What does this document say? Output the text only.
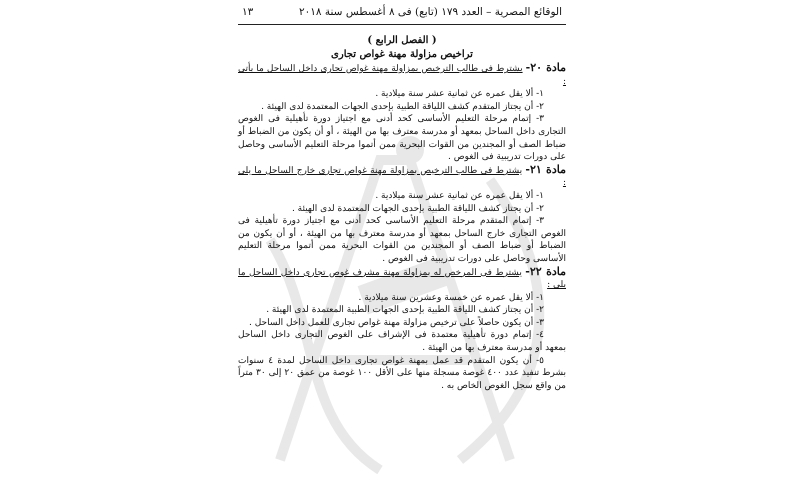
الوقائع المصرية – العدد ١٧٩ (تابع) فى ٨ أغسطس سنة ٢٠١٨
١٣
( الفصل الرابع )
تراخيص مزاولة مهنة غواص تجارى
مادة ٢٠- يشترط فى طالب الترخيص بمزاولة مهنة غواص تجارى داخل الساحل ما يأتى :
١- ألا يقل عمره عن ثمانية عشر سنة ميلادية .
٢- أن يجتاز المتقدم كشف اللياقة الطبية بإحدى الجهات المعتمدة لدى الهيئة .
٣- إتمام مرحلة التعليم الأساسى كحد أدنى مع اجتياز دورة تأهيلية فى الغوص التجارى داخل الساحل بمعهد أو مدرسة معترف بها من الهيئة ، أو أن يكون من الضباط أو ضباط الصف أو المجندين من القوات البحرية ممن أتموا مرحلة التعليم الأساسى وحاصل على دورات تدريبية فى الغوص .
مادة ٢١- يشترط فى طالب الترخيص بمزاولة مهنة غواص تجارى خارج الساحل ما يلى :
١- ألا يقل عمره عن ثمانية عشر سنة ميلادية .
٢- أن يجتاز كشف اللياقة الطبية بإحدى الجهات المعتمدة لدى الهيئة .
٣- إتمام المتقدم مرحلة التعليم الأساسى كحد أدنى مع اجتياز دورة تأهيلية فى الغوص التجارى خارج الساحل بمعهد أو مدرسة معترف بها من الهيئة ، أو أن يكون من الضباط أو ضباط الصف أو المجندين من القوات البحرية ممن أتموا مرحلة التعليم الأساسى وحاصل على دورات تدريبية فى الغوص .
مادة ٢٢- يشترط فى المرخص له بمزاولة مهنة مشرف غوص تجارى داخل الساحل ما يلى :
١- ألا يقل عمره عن خمسة وعشرين سنة ميلادية .
٢- أن يجتاز كشف اللياقة الطبية بإحدى الجهات الطبية المعتمدة لدى الهيئة .
٣- أن يكون حاصلاً على ترخيص مزاولة مهنة غواص تجارى للعمل داخل الساحل .
٤- إتمام دورة تأهيلية معتمدة فى الإشراف على الغوص التجارى داخل الساحل بمعهد أو مدرسة معترف بها من الهيئة .
٥- أن يكون المتقدم قد عمل بمهنة غواص تجارى داخل الساحل لمدة ٤ سنوات بشرط تنفيذ عدد ٤٠٠ غوصة مسجلة منها على الأقل ١٠٠ غوصة من عمق ٢٠ إلى ٣٠ متراً من واقع سجل الغوص الخاص به .
